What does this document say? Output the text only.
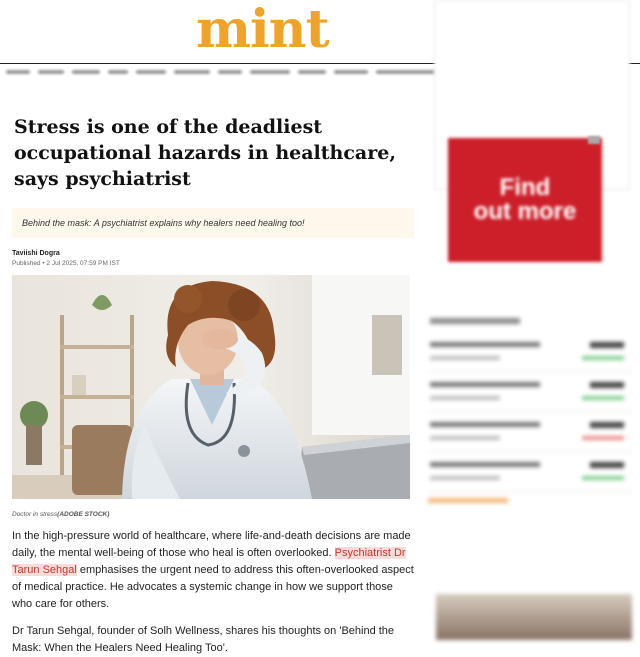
mint
Stress is one of the deadliest occupational hazards in healthcare, says psychiatrist
Behind the mask: A psychiatrist explains why healers need healing too!
Taviishi Dogra
Published • 2 Jul 2025, 07:59 PM IST
Doctor in stress(ADOBE STOCK)

In the high-pressure world of healthcare, where life-and-death decisions are made daily, the mental well-being of those who heal is often overlooked. Psychiatrist Dr Tarun Sehgal emphasises the urgent need to address this often-overlooked aspect of medical practice. He advocates a systemic change in how we support those who care for others.

Dr Tarun Sehgal, founder of Solh Wellness, shares his thoughts on 'Behind the Mask: When the Healers Need Healing Too'.

Find
out more
